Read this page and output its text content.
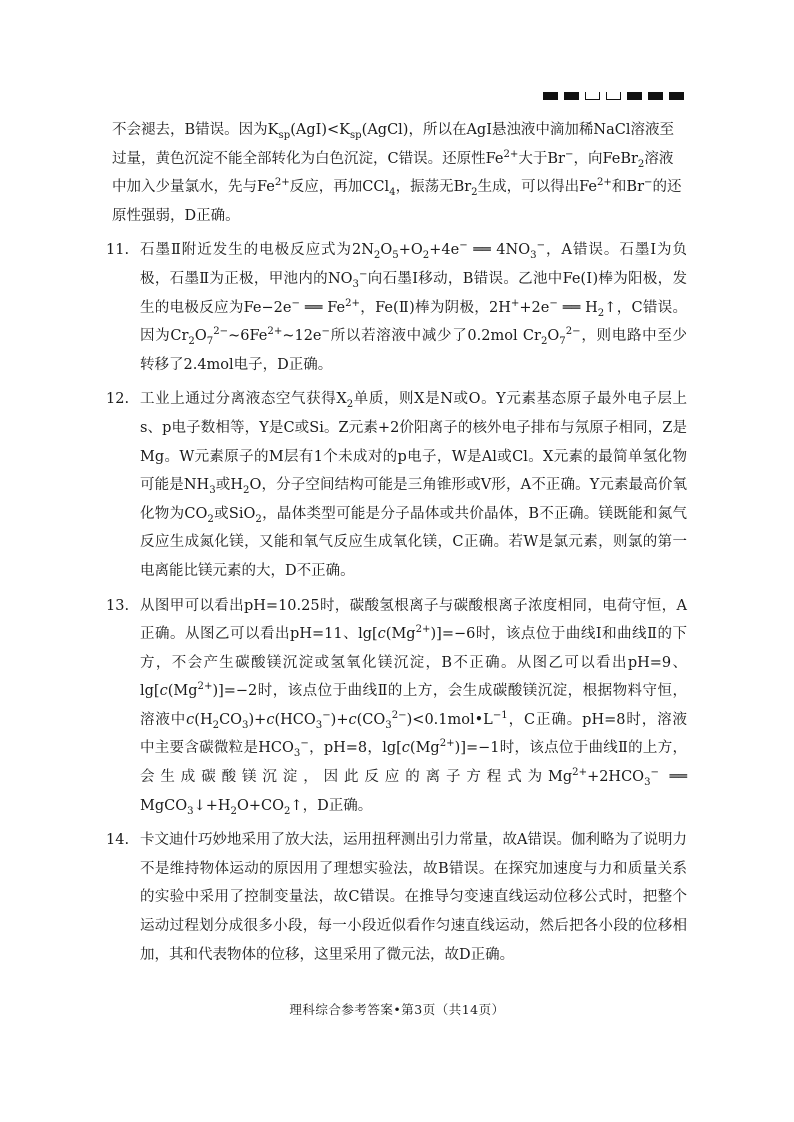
不会褪去，B错误。因为$K_{sp}(AgI)<K_{sp}(AgCl)$，所以在AgI悬浊液中滴加稀NaCl溶液至过量，黄色沉淀不能全部转化为白色沉淀，C错误。还原性$Fe^{2+}$大于Br−，向FeBr$_2$溶液中加入少量氯水，先与$Fe^{2+}$反应，再加CCl$_4$，振荡无$Br_2$生成，可以得出$Fe^{2+}$和Br−的还原性强弱，D正确。
11. 石墨Ⅱ附近发生的电极反应式为$2N_2O_5+O_2+4e^-$ ══ $4NO_3^-$，A错误。石墨Ⅰ为负极，石墨Ⅱ为正极，甲池内的$NO_3^-$向石墨Ⅰ移动，B错误。乙池中Fe(Ⅰ)棒为阳极，发生的电极反应为Fe−2e− ══ $Fe^{2+}$，Fe(Ⅱ)棒为阴极，2H++2e− ══ $H_2↑$，C错误。因为$Cr_2O_7^{2-}\sim 6Fe^{2+}\sim 12e^-$所以若溶液中减少了0.2mol $Cr_2O_7^{2-}$，则电路中至少转移了2.4mol电子，D正确。
12. 工业上通过分离液态空气获得$X_2$单质，则X是N或O。Y元素基态原子最外电子层上s、p电子数相等，Y是C或Si。Z元素+2价阳离子的核外电子排布与氖原子相同，Z是Mg。W元素原子的M层有1个未成对的p电子，W是Al或Cl。X元素的最简单氢化物可能是$NH_3$或$H_2O$，分子空间结构可能是三角锥形或V形，A不正确。Y元素最高价氧化物为$CO_2$或SiO$_2$，晶体类型可能是分子晶体或共价晶体，B不正确。镁既能和氮气反应生成氮化镁，又能和氧气反应生成氧化镁，C正确。若W是氯元素，则氯的第一电离能比镁元素的大，D不正确。
13. 从图甲可以看出pH=10.25时，碳酸氢根离子与碳酸根离子浓度相同，电荷守恒，A正确。从图乙可以看出pH=11、$\lg[c(Mg^{2+})]=-6$时，该点位于曲线Ⅰ和曲线Ⅱ的下方，不会产生碳酸镁沉淀或氢氧化镁沉淀，B不正确。从图乙可以看出pH=9、$\lg[c(Mg^{2+})]=-2$时，该点位于曲线Ⅱ的上方，会生成碳酸镁沉淀，根据物料守恒，溶液中$c(H_2CO_3)+c(HCO_3^-)+c(CO_3^{2-})<0.1mol•L^{-1}$，C正确。pH=8时，溶液中主要含碳微粒是$HCO_3^-$，pH=8，$\lg[c(Mg^{2+})]=-1$时，该点位于曲线Ⅱ的上方，会生成碳酸镁沉淀，因此反应的离子方程式为$Mg^{2+}+2HCO_3^-$ ══ $MgCO_3↓+H_2O+CO_2↑$，D正确。
14. 卡文迪什巧妙地采用了放大法，运用扭秤测出引力常量，故A错误。伽利略为了说明力不是维持物体运动的原因用了理想实验法，故B错误。在探究加速度与力和质量关系的实验中采用了控制变量法，故C错误。在推导匀变速直线运动位移公式时，把整个运动过程划分成很多小段，每一小段近似看作匀速直线运动，然后把各小段的位移相加，其和代表物体的位移，这里采用了微元法，故D正确。
理科综合参考答案•第3页（共14页）
